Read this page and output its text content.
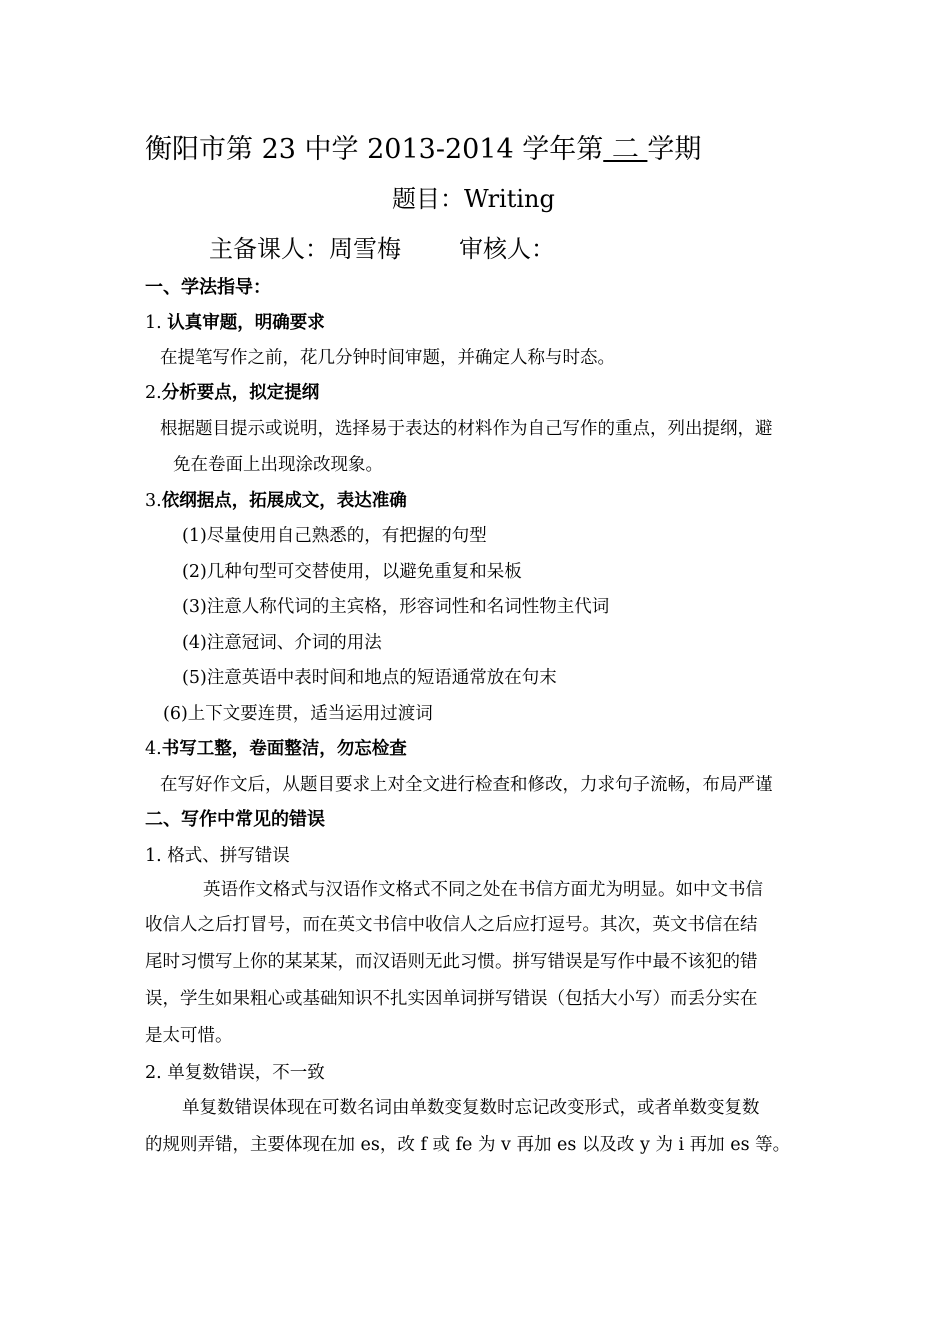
衡阳市第 23 中学 2013-2014 学年第 二 学期
题目：Writing
主备课人：周雪梅 审核人：
一、学法指导：
1. 认真审题，明确要求
在提笔写作之前，花几分钟时间审题，并确定人称与时态。
2.分析要点，拟定提纲
根据题目提示或说明，选择易于表达的材料作为自己写作的重点，列出提纲，避
免在卷面上出现涂改现象。
3.依纲据点，拓展成文，表达准确
(1)尽量使用自己熟悉的，有把握的句型
(2)几种句型可交替使用，以避免重复和呆板
(3)注意人称代词的主宾格，形容词性和名词性物主代词
(4)注意冠词、介词的用法
(5)注意英语中表时间和地点的短语通常放在句末
(6)上下文要连贯，适当运用过渡词
4.书写工整，卷面整洁，勿忘检查
在写好作文后，从题目要求上对全文进行检查和修改，力求句子流畅，布局严谨
二、写作中常见的错误
1. 格式、拼写错误
英语作文格式与汉语作文格式不同之处在书信方面尤为明显。如中文书信
收信人之后打冒号，而在英文书信中收信人之后应打逗号。其次，英文书信在结
尾时习惯写上你的某某某，而汉语则无此习惯。拼写错误是写作中最不该犯的错
误，学生如果粗心或基础知识不扎实因单词拼写错误（包括大小写）而丢分实在
是太可惜。
2. 单复数错误，不一致
单复数错误体现在可数名词由单数变复数时忘记改变形式，或者单数变复数
的规则弄错，主要体现在加 es，改 f 或 fe 为 v 再加 es 以及改 y 为 i 再加 es 等。
